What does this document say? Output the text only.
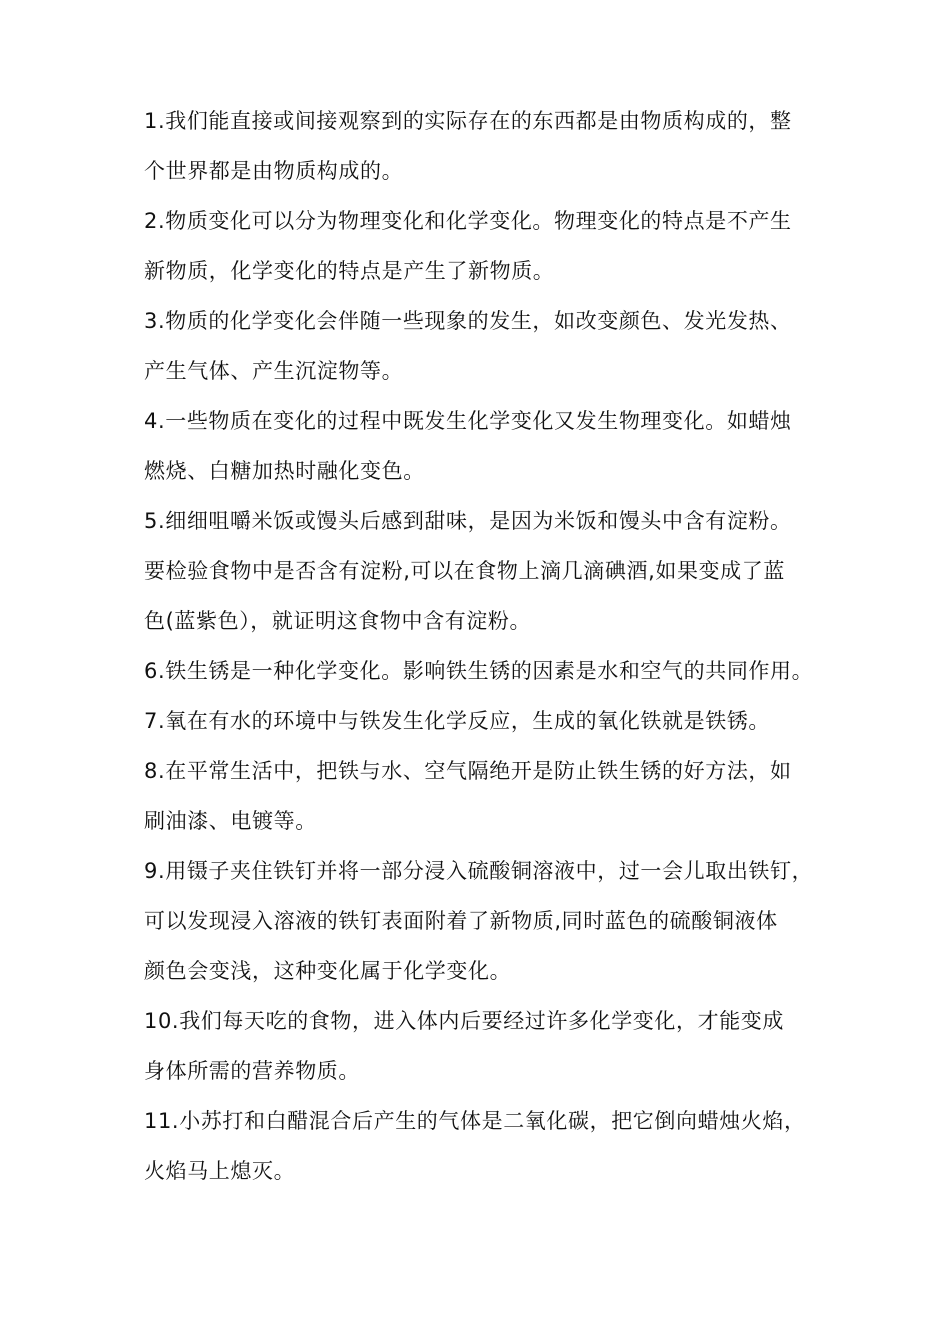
1.我们能直接或间接观察到的实际存在的东西都是由物质构成的，整
个世界都是由物质构成的。
2.物质变化可以分为物理变化和化学变化。物理变化的特点是不产生
新物质，化学变化的特点是产生了新物质。
3.物质的化学变化会伴随一些现象的发生，如改变颜色、发光发热、
产生气体、产生沉淀物等。
4.一些物质在变化的过程中既发生化学变化又发生物理变化。如蜡烛
燃烧、白糖加热时融化变色。
5.细细咀嚼米饭或馒头后感到甜味，是因为米饭和馒头中含有淀粉。
要检验食物中是否含有淀粉,可以在食物上滴几滴碘酒,如果变成了蓝
色(蓝紫色），就证明这食物中含有淀粉。
6.铁生锈是一种化学变化。影响铁生锈的因素是水和空气的共同作用。
7.氧在有水的环境中与铁发生化学反应，生成的氧化铁就是铁锈。
8.在平常生活中，把铁与水、空气隔绝开是防止铁生锈的好方法，如
刷油漆、电镀等。
9.用镊子夹住铁钉并将一部分浸入硫酸铜溶液中，过一会儿取出铁钉，
可以发现浸入溶液的铁钉表面附着了新物质,同时蓝色的硫酸铜液体
颜色会变浅，这种变化属于化学变化。
10.我们每天吃的食物，进入体内后要经过许多化学变化，才能变成
身体所需的营养物质。
11.小苏打和白醋混合后产生的气体是二氧化碳，把它倒向蜡烛火焰，
火焰马上熄灭。
